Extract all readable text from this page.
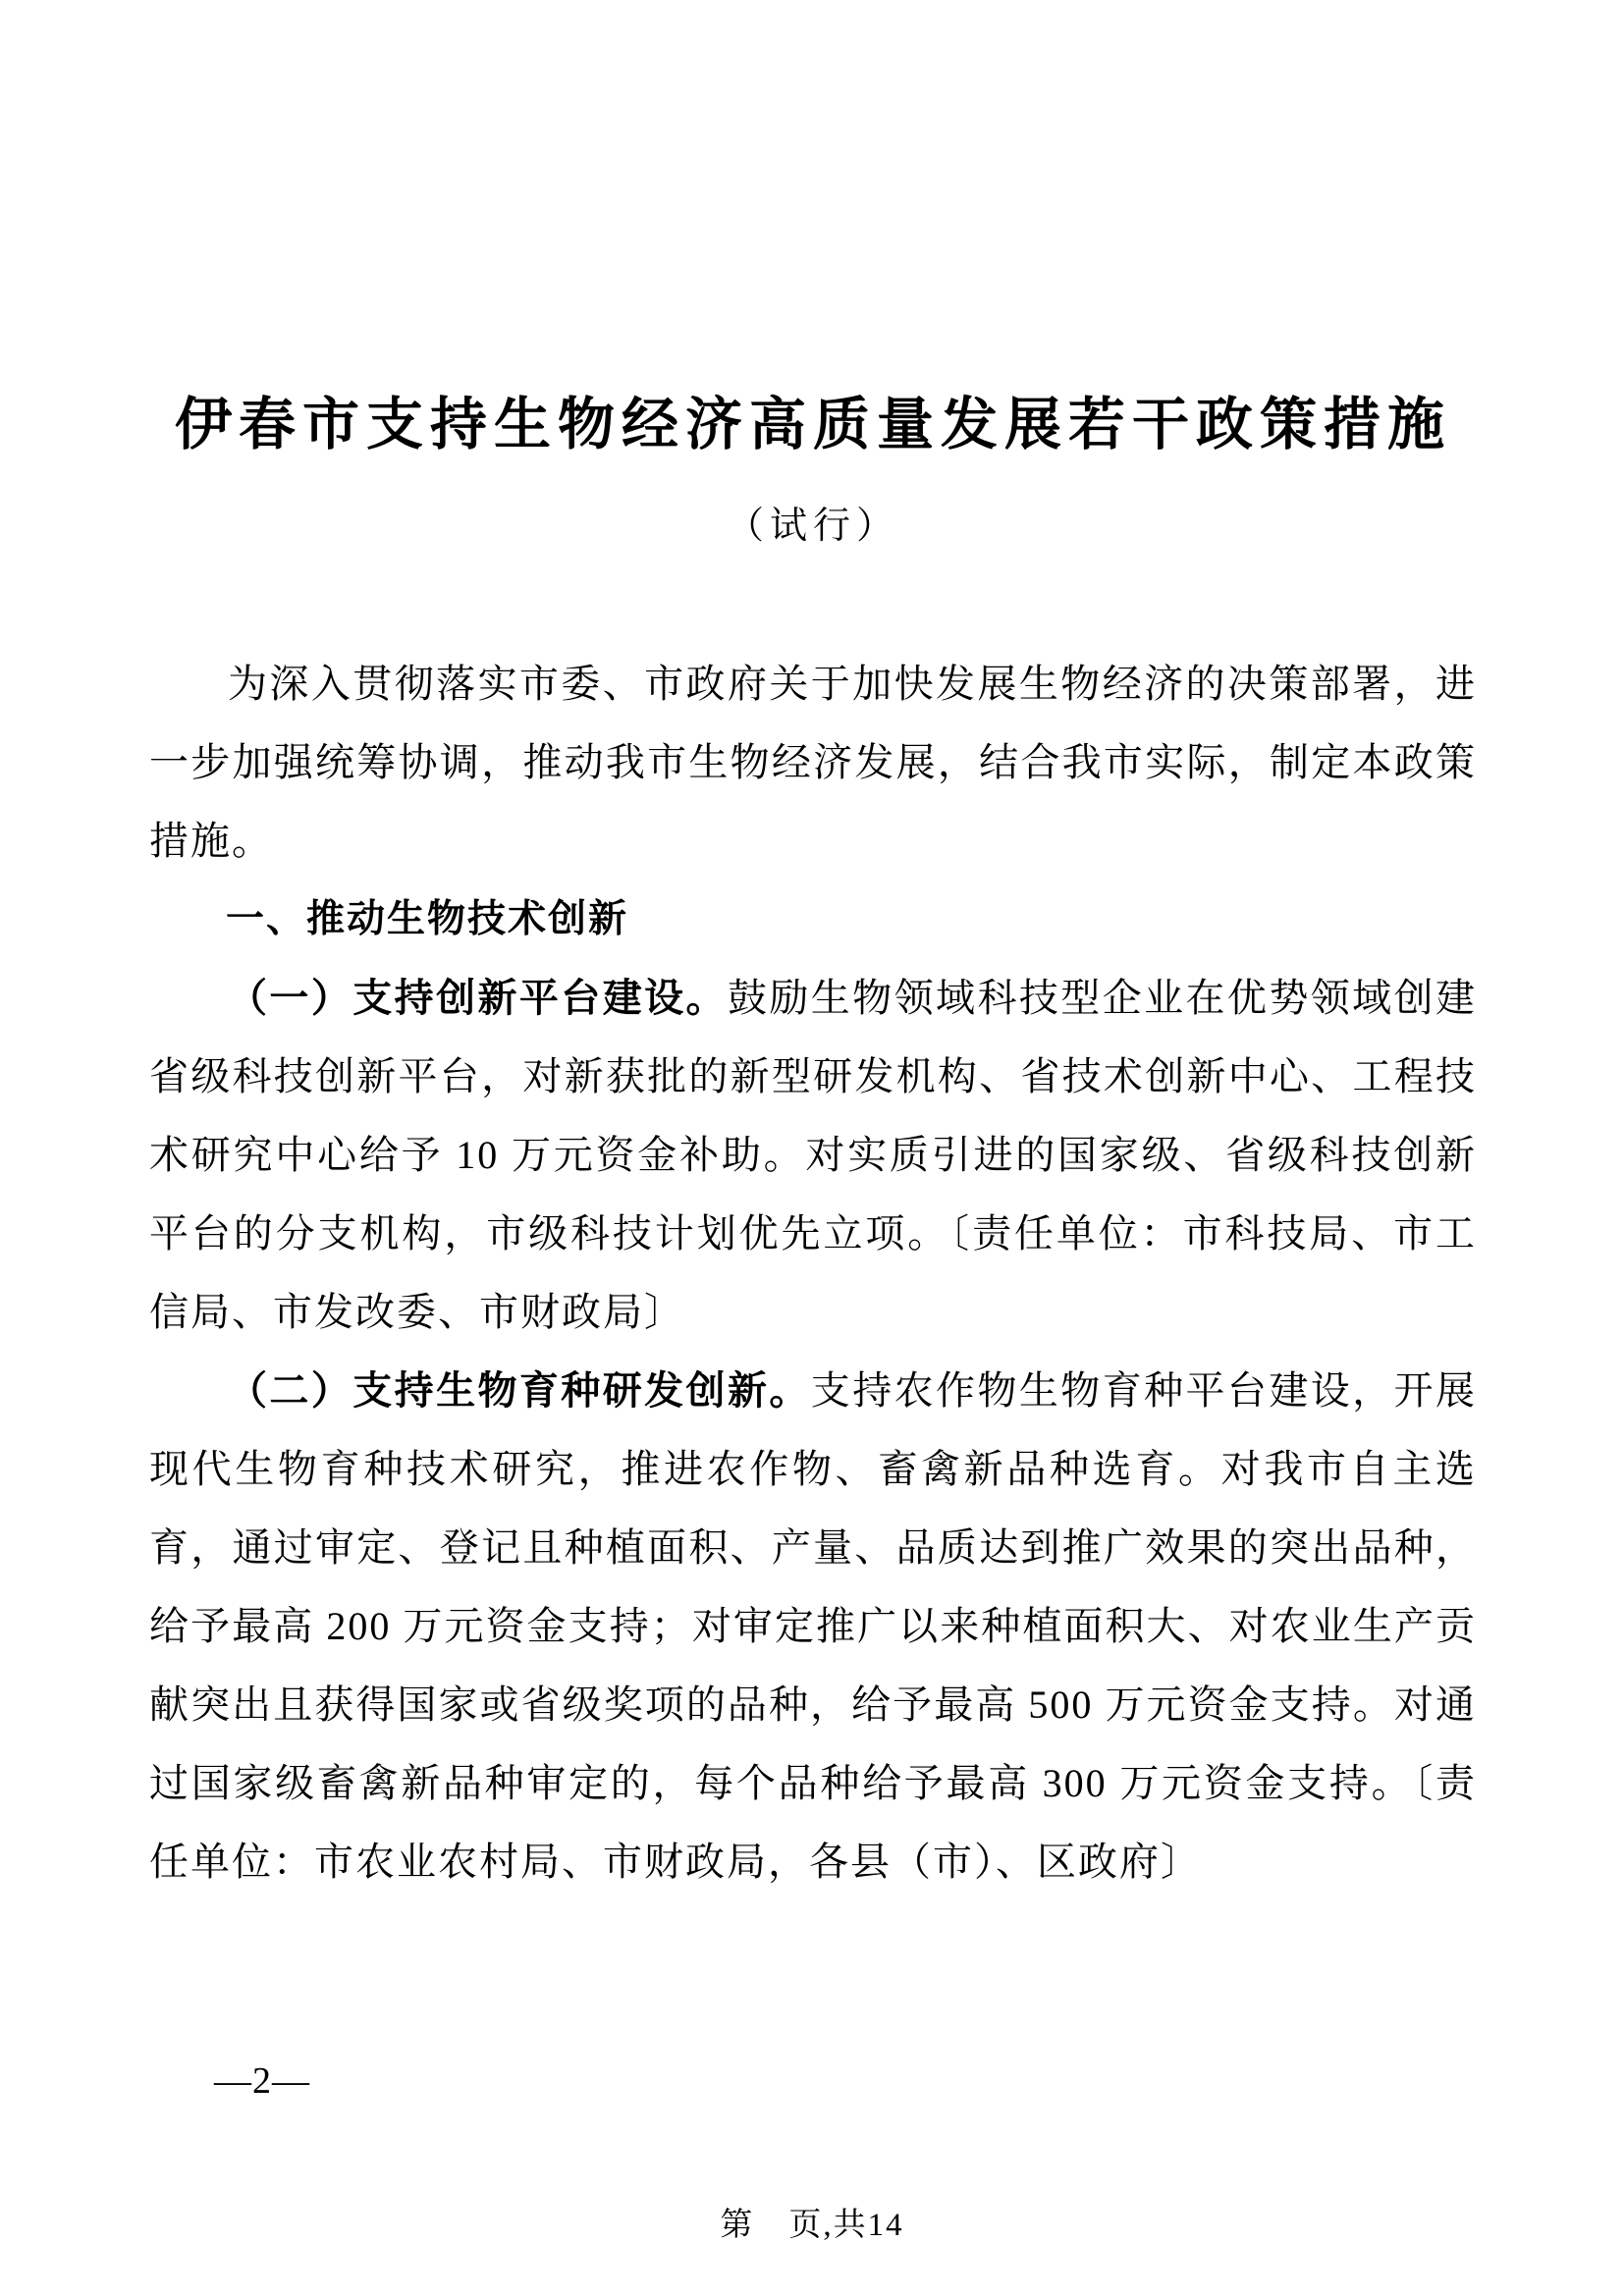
伊春市支持生物经济高质量发展若干政策措施
（试行）

为深入贯彻落实市委、市政府关于加快发展生物经济的决策部署，进一步加强统筹协调，推动我市生物经济发展，结合我市实际，制定本政策措施。

一、推动生物技术创新

（一）支持创新平台建设。鼓励生物领域科技型企业在优势领域创建省级科技创新平台，对新获批的新型研发机构、省技术创新中心、工程技术研究中心给予 10 万元资金补助。对实质引进的国家级、省级科技创新平台的分支机构，市级科技计划优先立项。〔责任单位：市科技局、市工信局、市发改委、市财政局〕

（二）支持生物育种研发创新。支持农作物生物育种平台建设，开展现代生物育种技术研究，推进农作物、畜禽新品种选育。对我市自主选育，通过审定、登记且种植面积、产量、品质达到推广效果的突出品种，给予最高 200 万元资金支持；对审定推广以来种植面积大、对农业生产贡献突出且获得国家或省级奖项的品种，给予最高 500 万元资金支持。对通过国家级畜禽新品种审定的，每个品种给予最高 300 万元资金支持。〔责任单位：市农业农村局、市财政局，各县（市）、区政府〕

—2—
第　页,共14
